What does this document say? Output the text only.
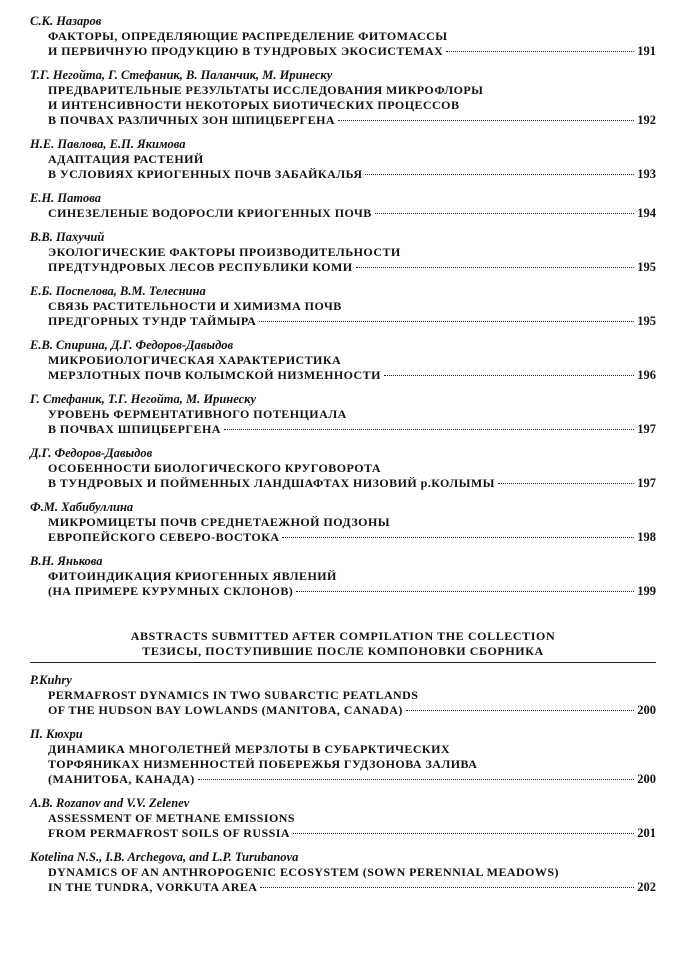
С.К. Назаров
ФАКТОРЫ, ОПРЕДЕЛЯЮЩИЕ РАСПРЕДЕЛЕНИЕ ФИТОМАССЫ
И ПЕРВИЧНУЮ ПРОДУКЦИЮ В ТУНДРОВЫХ ЭКОСИСТЕМАХ	191
Т.Г. Негойта, Г. Стефаник, В. Паланчик, М. Иринеску
ПРЕДВАРИТЕЛЬНЫЕ РЕЗУЛЬТАТЫ ИССЛЕДОВАНИЯ МИКРОФЛОРЫ
И ИНТЕНСИВНОСТИ НЕКОТОРЫХ БИОТИЧЕСКИХ ПРОЦЕССОВ
В ПОЧВАХ РАЗЛИЧНЫХ ЗОН ШПИЦБЕРГЕНА	192
Н.Е. Павлова, Е.П. Якимова
АДАПТАЦИЯ РАСТЕНИЙ
В УСЛОВИЯХ КРИОГЕННЫХ ПОЧВ ЗАБАЙКАЛЬЯ	193
Е.Н. Патова
СИНЕЗЕЛЕНЫЕ ВОДОРОСЛИ КРИОГЕННЫХ ПОЧВ	194
В.В. Пахучий
ЭКОЛОГИЧЕСКИЕ ФАКТОРЫ ПРОИЗВОДИТЕЛЬНОСТИ
ПРЕДТУНДРОВЫХ ЛЕСОВ РЕСПУБЛИКИ КОМИ	195
Е.Б. Поспелова, В.М. Телеснина
СВЯЗЬ РАСТИТЕЛЬНОСТИ И ХИМИЗМА ПОЧВ
ПРЕДГОРНЫХ ТУНДР ТАЙМЫРА	195
Е.В. Спирина, Д.Г. Федоров-Давыдов
МИКРОБИОЛОГИЧЕСКАЯ ХАРАКТЕРИСТИКА
МЕРЗЛОТНЫХ ПОЧВ КОЛЫМСКОЙ НИЗМЕННОСТИ	196
Г. Стефаник, Т.Г. Негойта, М. Иринеску
УРОВЕНЬ ФЕРМЕНТАТИВНОГО ПОТЕНЦИАЛА
В ПОЧВАХ ШПИЦБЕРГЕНА	197
Д.Г. Федоров-Давыдов
ОСОБЕННОСТИ БИОЛОГИЧЕСКОГО КРУГОВОРОТА
В ТУНДРОВЫХ И ПОЙМЕННЫХ ЛАНДШАФТАХ НИЗОВИЙ р.КОЛЫМЫ	197
Ф.М. Хабибуллина
МИКРОМИЦЕТЫ ПОЧВ СРЕДНЕТАЕЖНОЙ ПОДЗОНЫ
ЕВРОПЕЙСКОГО СЕВЕРО-ВОСТОКА	198
В.Н. Янькова
ФИТОИНДИКАЦИЯ КРИОГЕННЫХ ЯВЛЕНИЙ
(НА ПРИМЕРЕ КУРУМНЫХ СКЛОНОВ)	199
ABSTRACTS SUBMITTED AFTER COMPILATION THE COLLECTION
ТЕЗИСЫ, ПОСТУПИВШИЕ ПОСЛЕ КОМПОНОВКИ СБОРНИКА
P.Kuhry
PERMAFROST DYNAMICS IN TWO SUBARCTIC PEATLANDS
OF THE HUDSON BAY LOWLANDS (MANITOBA, CANADA)	200
П. Кюхри
ДИНАМИКА МНОГОЛЕТНЕЙ МЕРЗЛОТЫ В СУБАРКТИЧЕСКИХ
ТОРФЯНИКАХ НИЗМЕННОСТЕЙ ПОБЕРЕЖЬЯ ГУДЗОНОВА ЗАЛИВА
(МАНИТОБА, КАНАДА)	200
A.B. Rozanov and V.V. Zelenev
ASSESSMENT OF METHANE EMISSIONS
FROM PERMAFROST SOILS OF RUSSIA	201
Kotelina N.S., I.B. Archegova, and L.P. Turubanova
DYNAMICS OF AN ANTHROPOGENIC ECOSYSTEM (SOWN PERENNIAL MEADOWS)
IN THE TUNDRA, VORKUTA AREA	202
